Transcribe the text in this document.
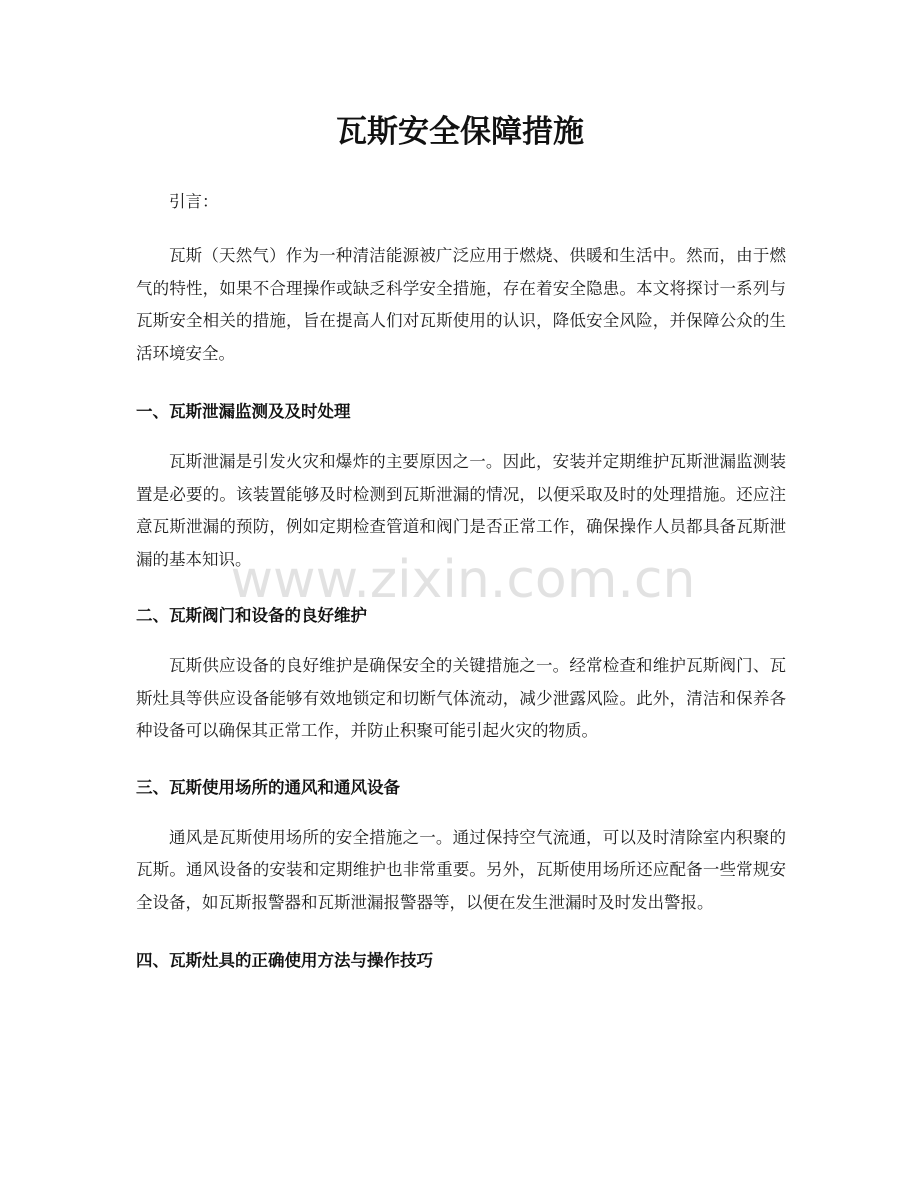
瓦斯安全保障措施

引言：

瓦斯（天然气）作为一种清洁能源被广泛应用于燃烧、供暖和生活中。然而，由于燃气的特性，如果不合理操作或缺乏科学安全措施，存在着安全隐患。本文将探讨一系列与瓦斯安全相关的措施，旨在提高人们对瓦斯使用的认识，降低安全风险，并保障公众的生活环境安全。

一、瓦斯泄漏监测及及时处理

瓦斯泄漏是引发火灾和爆炸的主要原因之一。因此，安装并定期维护瓦斯泄漏监测装置是必要的。该装置能够及时检测到瓦斯泄漏的情况，以便采取及时的处理措施。还应注意瓦斯泄漏的预防，例如定期检查管道和阀门是否正常工作，确保操作人员都具备瓦斯泄漏的基本知识。

二、瓦斯阀门和设备的良好维护

瓦斯供应设备的良好维护是确保安全的关键措施之一。经常检查和维护瓦斯阀门、瓦斯灶具等供应设备能够有效地锁定和切断气体流动，减少泄露风险。此外，清洁和保养各种设备可以确保其正常工作，并防止积聚可能引起火灾的物质。

三、瓦斯使用场所的通风和通风设备

通风是瓦斯使用场所的安全措施之一。通过保持空气流通，可以及时清除室内积聚的瓦斯。通风设备的安装和定期维护也非常重要。另外，瓦斯使用场所还应配备一些常规安全设备，如瓦斯报警器和瓦斯泄漏报警器等，以便在发生泄漏时及时发出警报。

四、瓦斯灶具的正确使用方法与操作技巧
www.zixin.com.cn
